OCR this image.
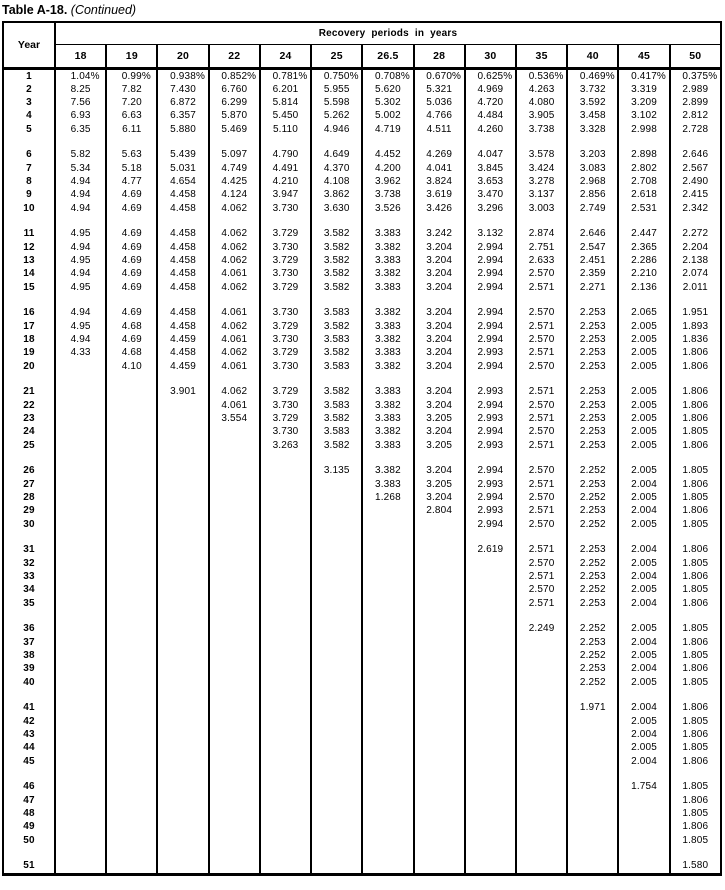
Table A-18. (Continued)
Year	Recovery periods in years												
	18	19	20	22	24	25	26.5	28	30	35	40	45	50
1	1.04%	0.99%	0.938%	0.852%	0.781%	0.750%	0.708%	0.670%	0.625%	0.536%	0.469%	0.417%	0.375%
2	8.25	7.82	7.430	6.760	6.201	5.955	5.620	5.321	4.969	4.263	3.732	3.319	2.989
3	7.56	7.20	6.872	6.299	5.814	5.598	5.302	5.036	4.720	4.080	3.592	3.209	2.899
4	6.93	6.63	6.357	5.870	5.450	5.262	5.002	4.766	4.484	3.905	3.458	3.102	2.812
5	6.35	6.11	5.880	5.469	5.110	4.946	4.719	4.511	4.260	3.738	3.328	2.998	2.728

6	5.82	5.63	5.439	5.097	4.790	4.649	4.452	4.269	4.047	3.578	3.203	2.898	2.646
7	5.34	5.18	5.031	4.749	4.491	4.370	4.200	4.041	3.845	3.424	3.083	2.802	2.567
8	4.94	4.77	4.654	4.425	4.210	4.108	3.962	3.824	3.653	3.278	2.968	2.708	2.490
9	4.94	4.69	4.458	4.124	3.947	3.862	3.738	3.619	3.470	3.137	2.856	2.618	2.415
10	4.94	4.69	4.458	4.062	3.730	3.630	3.526	3.426	3.296	3.003	2.749	2.531	2.342

11	4.95	4.69	4.458	4.062	3.729	3.582	3.383	3.242	3.132	2.874	2.646	2.447	2.272
12	4.94	4.69	4.458	4.062	3.730	3.582	3.382	3.204	2.994	2.751	2.547	2.365	2.204
13	4.95	4.69	4.458	4.062	3.729	3.582	3.383	3.204	2.994	2.633	2.451	2.286	2.138
14	4.94	4.69	4.458	4.061	3.730	3.582	3.382	3.204	2.994	2.570	2.359	2.210	2.074
15	4.95	4.69	4.458	4.062	3.729	3.582	3.383	3.204	2.994	2.571	2.271	2.136	2.011

16	4.94	4.69	4.458	4.061	3.730	3.583	3.382	3.204	2.994	2.570	2.253	2.065	1.951
17	4.95	4.68	4.458	4.062	3.729	3.582	3.383	3.204	2.994	2.571	2.253	2.005	1.893
18	4.94	4.69	4.459	4.061	3.730	3.583	3.382	3.204	2.994	2.570	2.253	2.005	1.836
19	4.33	4.68	4.458	4.062	3.729	3.582	3.383	3.204	2.993	2.571	2.253	2.005	1.806
20		4.10	4.459	4.061	3.730	3.583	3.382	3.204	2.994	2.570	2.253	2.005	1.806

21			3.901	4.062	3.729	3.582	3.383	3.204	2.993	2.571	2.253	2.005	1.806
22				4.061	3.730	3.583	3.382	3.204	2.994	2.570	2.253	2.005	1.806
23				3.554	3.729	3.582	3.383	3.205	2.993	2.571	2.253	2.005	1.806
24					3.730	3.583	3.382	3.204	2.994	2.570	2.253	2.005	1.805
25					3.263	3.582	3.383	3.205	2.993	2.571	2.253	2.005	1.806

26						3.135	3.382	3.204	2.994	2.570	2.252	2.005	1.805
27							3.383	3.205	2.993	2.571	2.253	2.004	1.806
28							1.268	3.204	2.994	2.570	2.252	2.005	1.805
29								2.804	2.993	2.571	2.253	2.004	1.806
30									2.994	2.570	2.252	2.005	1.805

31									2.619	2.571	2.253	2.004	1.806
32										2.570	2.252	2.005	1.805
33										2.571	2.253	2.004	1.806
34										2.570	2.252	2.005	1.805
35										2.571	2.253	2.004	1.806

36										2.249	2.252	2.005	1.805
37											2.253	2.004	1.806
38											2.252	2.005	1.805
39											2.253	2.004	1.806
40											2.252	2.005	1.805

41											1.971	2.004	1.806
42												2.005	1.805
43												2.004	1.806
44												2.005	1.805
45												2.004	1.806

46												1.754	1.805
47													1.806
48													1.805
49													1.806
50													1.805

51													1.580
